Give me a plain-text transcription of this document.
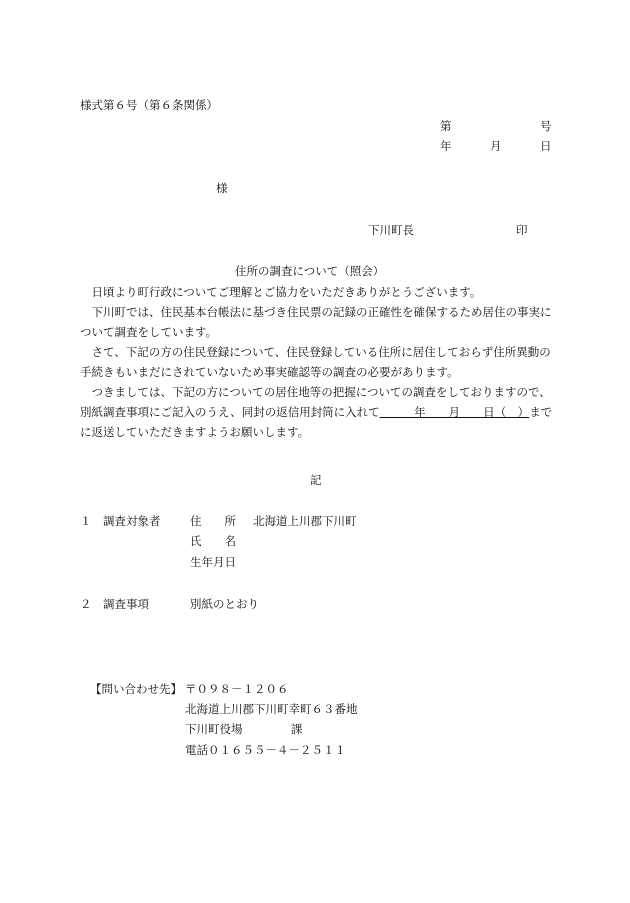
様式第６号（第６条関係）
第	号
年	月	日
様
下川町長	印
住所の調査について（照会）
　日頃より町行政についてご理解とご協力をいただきありがとうございます。
　下川町では、住民基本台帳法に基づき住民票の記録の正確性を確保するため居住の事実について調査をしています。
　さて、下記の方の住民登録について、住民登録している住所に居住しておらず住所異動の手続きもいまだにされていないため事実確認等の調査の必要があります。
　つきましては、下記の方についての居住地等の把握についての調査をしておりますので、別紙調査事項にご記入のうえ、同封の返信用封筒に入れて　　　年　　月　　日（　）までに返送していただきますようお願いします。
記
１ 調査対象者	住　　所 北海道上川郡下川町
氏　　名
生年月日
２ 調査事項	別紙のとおり
【問い合わせ先】 〒０９８－１２０６
北海道上川郡下川町幸町６３番地
下川町役場	課
電話０１６５５－４－２５１１
